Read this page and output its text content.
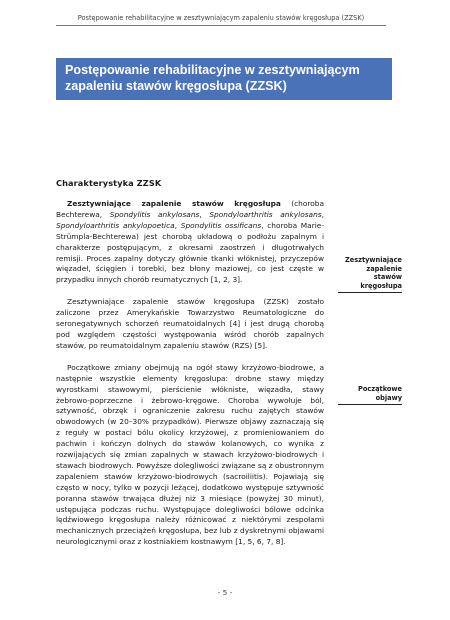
Postępowanie rehabilitacyjne w zesztywniającym zapaleniu stawów kręgosłupa (ZZSK)
Postępowanie rehabilitacyjne w zesztywniającym
zapaleniu stawów kręgosłupa (ZZSK)
Charakterystyka ZZSK

Zesztywniające zapalenie stawów kręgosłupa (choroba Bechterewa, Spondylitis ankylosans, Spondyloarthritis ankylosans, Spondyloarthritis ankylopoetica, Spondylitis ossificans, choroba Marie-Strümpla-Bechterewa) jest chorobą układową o podłożu zapalnym i charakterze postępującym, z okresami zaostrzeń i długotrwałych remisji. Proces zapalny dotyczy głównie tkanki włóknistej, przyczepów więzadeł, ścięgien i torebki, bez błony maziowej, co jest częste w przypadku innych chorób reumatycznych [1, 2, 3].

Zesztywniające zapalenie stawów kręgosłupa (ZZSK) zostało zaliczone przez Amerykańskie Towarzystwo Reumatologiczne do seronegatywnych schorzeń reumatoidalnych [4] i jest drugą chorobą pod względem częstości występowania wśród chorób zapalnych stawów, po reumatoidalnym zapaleniu stawów (RZS) [5].

Początkowe zmiany obejmują na ogół stawy krzyżowo-biodrowe, a następnie wszystkie elementy kręgosłupa: drobne stawy między wyrostkami stawowymi, pierścienie włókniste, więzadła, stawy żebrowo-poprzeczne i żebrowo-kręgowe. Choroba wywołuje ból, sztywność, obrzęk i ograniczenie zakresu ruchu zajętych stawów obwodowych (w 20–30% przypadków). Pierwsze objawy zaznaczają się z reguły w postaci bólu okolicy krzyżowej, z promieniowaniem do pachwin i kończyn dolnych do stawów kolanowych, co wynika z rozwijających się zmian zapalnych w stawach krzyżowo-biodrowych i stawach biodrowych. Powyższe dolegliwości związane są z obustronnym zapaleniem stawów krzyżowo-biodrowych (sacroiliitis). Pojawiają się często w nocy, tylko w pozycji leżącej, dodatkowo występuje sztywność poranna stawów trwająca dłużej niż 3 miesiące (powyżej 30 minut), ustępująca podczas ruchu. Występujące dolegliwości bólowe odcinka lędźwiowego kręgosłupa należy różnicować z niektórymi zespołami mechanicznych przeciążeń kręgosłupa, bez lub z dyskretnymi objawami neurologicznymi oraz z kostniakiem kostnawym [1, 5, 6, 7, 8].

Zesztywniające zapalenie stawów kręgosłupa
Początkowe objawy
- 5 -
